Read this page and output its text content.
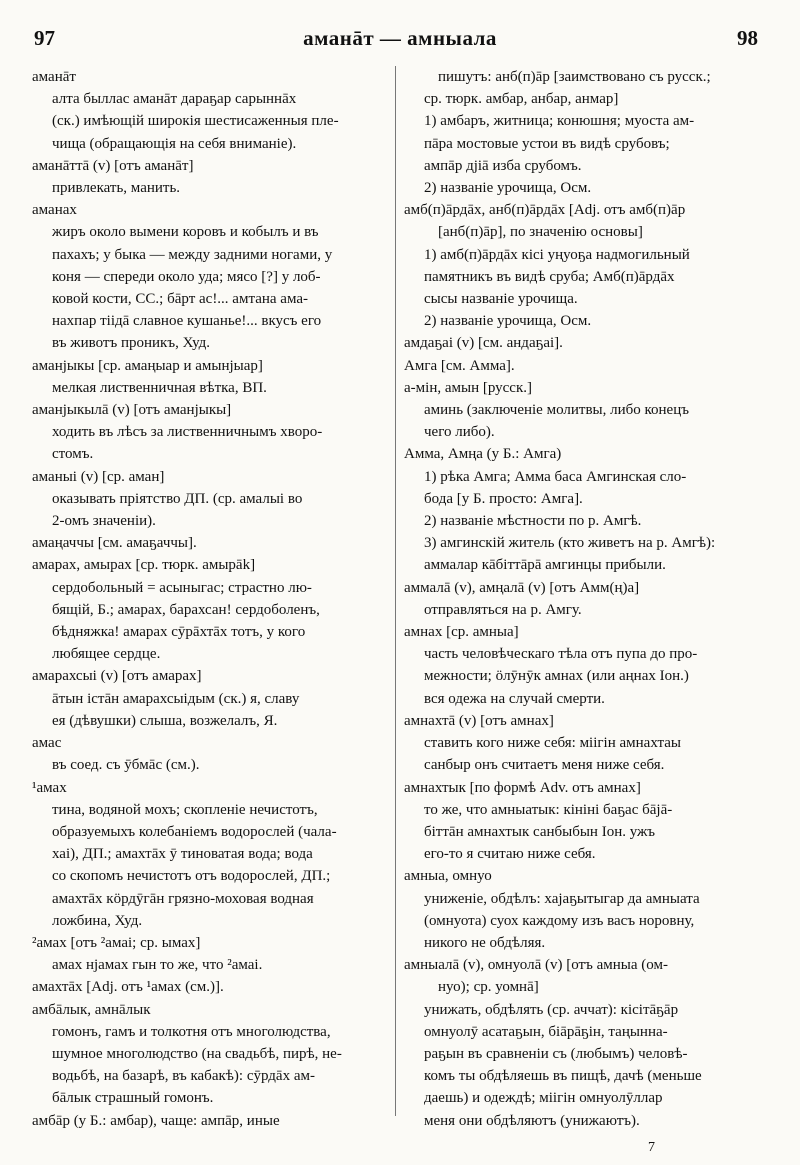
97	аманāт — амныала	98
аманāт
алта быллас аманāт дараҕар сарыннāх
(ск.) имѣющій широкія шестисаженныя пле-
чища (обращающія на себя вниманіе).
аманāттā (v) [отъ аманāт]
привлекать, манить.
аманах
жиръ около вымени коровъ и кобылъ и въ
пахахъ; у быка — между задними ногами, у
коня — спереди около уда; мясо [?] у лоб-
ковой кости, СС.; бāрт ас!... амтана ама-
нахпар тіідā славное кушанье!... вкусъ его
въ животъ проникъ, Худ.
аманјыкы [ср. амаңыар и амынјыар]
мелкая лиственничная вѣтка, ВП.
аманјыкылā (v) [отъ аманјыкы]
ходить въ лѣсъ за лиственничнымъ хворо-
стомъ.
аманыі (v) [ср. аман]
оказывать пріятство ДП. (ср. амалыі во
2-омъ значеніи).
амаңаччы [см. амаҕаччы].
амарах, амырах [ср. тюрк. амырāk]
сердобольный = асыныгас; страстно лю-
бящій, Б.; амарах, барахсан! сердоболенъ,
бѣдняжка! амарах сӯрāхтāх тотъ, у кого
любящее сердце.
амарахсыі (v) [отъ амарах]
āтын істāн амарахсыідым (ск.) я, славу
ея (дѣвушки) слыша, возжелалъ, Я.
амас
въ соед. съ ӯбмāс (см.).
¹амах
тина, водяной мохъ; скопленіе нечистотъ,
образуемыхъ колебаніемъ водорослей (чала-
хаі), ДП.; амахтāх ӯ тиноватая вода; вода
со скопомъ нечистотъ отъ водорослей, ДП.;
амахтāх кöрдӯгāн грязно-моховая водная
ложбина, Худ.
²амах [отъ ²амаі; ср. ымах]
амах нјамах гын то же, что ²амаі.
амахтāх [Adj. отъ ¹амах (см.)].
амбāлык, амнāлык
гомонъ, гамъ и толкотня отъ многолюдства,
шумное многолюдство (на свадьбѣ, пирѣ, не-
водьбѣ, на базарѣ, въ кабакѣ): сӯрдāх ам-
бāлык страшный гомонъ.
амбāр (у Б.: амбар), чаще: ампāр, иные
пишутъ: анб(п)āр [заимствовано съ русск.;
ср. тюрк. амбар, анбар, анмар]
1) амбаръ, житница; конюшня; муоста ам-
пāра мостовые устои въ видѣ срубовъ;
ампāр дјіā изба срубомъ.
2) названіе урочища, Осм.
амб(п)āрдāх, анб(п)āрдāх [Adj. отъ амб(п)āр
[анб(п)āр], по значенію основы]
1) амб(п)āрдāх кісі уңуоҕа надмогильный
памятникъ въ видѣ сруба; Амб(п)āрдāх
сысы названіе урочища.
2) названіе урочища, Осм.
амдаҕаі (v) [см. андаҕаі].
Амга [см. Амма].
а-мін, амын [русск.]
аминь (заключеніе молитвы, либо конецъ
чего либо).
Амма, Амңа (у Б.: Амга)
1) рѣка Амга; Амма баса Амгинская сло-
бода [у Б. просто: Амга].
2) названіе мѣстности по р. Амгѣ.
3) амгинскій житель (кто живетъ на р. Амгѣ):
аммалар кāбіттāрā амгинцы прибыли.
аммалā (v), амңалā (v) [отъ Амм(ң)а]
отправляться на р. Амгу.
амнах [ср. амныа]
часть человѣческаго тѣла отъ пупа до про-
межности; öлӯнӯк амнах (или аңнах Іон.)
вся одежа на случай смерти.
амнахтā (v) [отъ амнах]
ставить кого ниже себя: міігін амнахтаы
санбыр онъ считаетъ меня ниже себя.
амнахтык [по формѣ Adv. отъ амнах]
то же, что амныатык: кініні баҕас бāјā-
біттāн амнахтык санбыбын Іон. ужъ
его-то я считаю ниже себя.
амныа, омнуо
униженіе, обдѣлъ: хајаҕытыгар да амныата
(омнуота) суох каждому изъ васъ норовну,
никого не обдѣляя.
амныалā (v), омнуолā (v) [отъ амныа (ом-
нуо); ср. уомнā]
унижать, обдѣлять (ср. аччат): кісітāҕāр
омнуолӯ асатаҕын, біāрāҕін, таңынна-
раҕын въ сравненіи съ (любымъ) человѣ-
комъ ты обдѣляешь въ пищѣ, дачѣ (меньше
даешь) и одеждѣ; міігін омнуолӯллар
меня они обдѣляютъ (унижаютъ).
7
